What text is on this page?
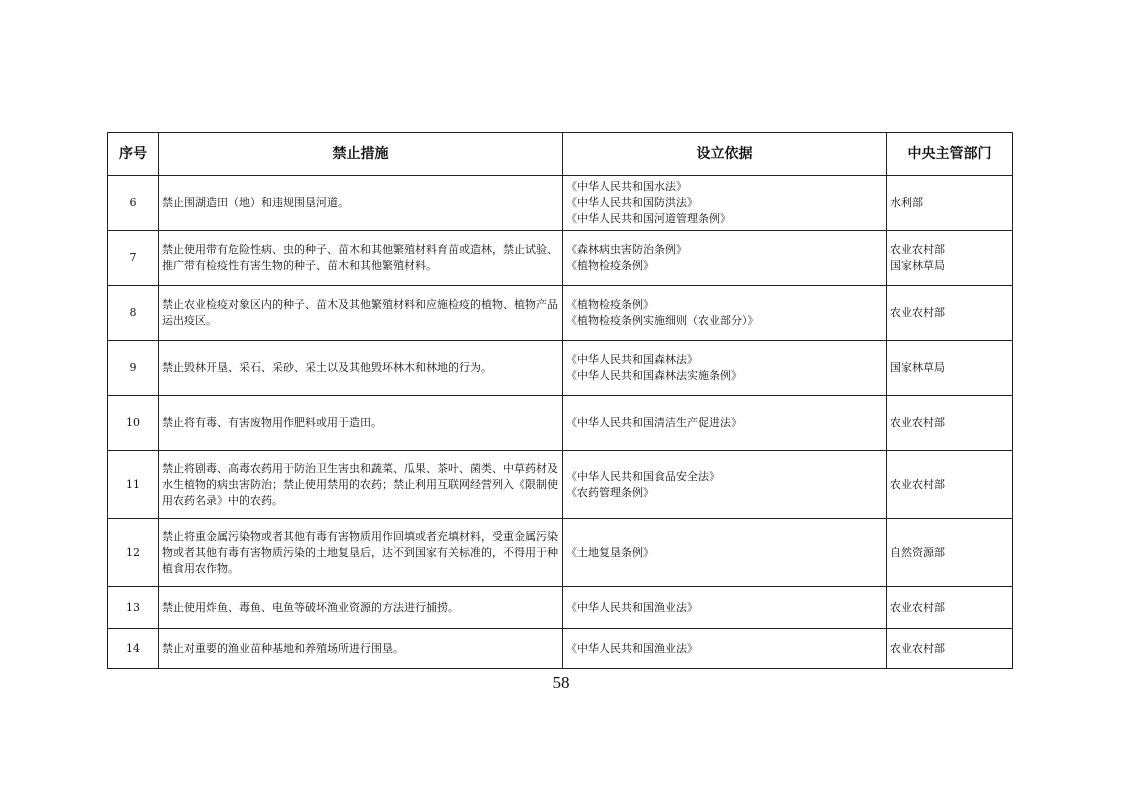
序号	禁止措施	设立依据	中央主管部门
6	禁止围湖造田（地）和违规围垦河道。	《中华人民共和国水法》
《中华人民共和国防洪法》
《中华人民共和国河道管理条例》	水利部

7	禁止使用带有危险性病、虫的种子、苗木和其他繁殖材料育苗或造林，禁止试验、推广带有检疫性有害生物的种子、苗木和其他繁殖材料。	《森林病虫害防治条例》
《植物检疫条例》	农业农村部
国家林草局

8	禁止农业检疫对象区内的种子、苗木及其他繁殖材料和应施检疫的植物、植物产品运出疫区。	《植物检疫条例》
《植物检疫条例实施细则（农业部分）》	农业农村部

9	禁止毁林开垦、采石、采砂、采土以及其他毁坏林木和林地的行为。	《中华人民共和国森林法》
《中华人民共和国森林法实施条例》	国家林草局

10	禁止将有毒、有害废物用作肥料或用于造田。	《中华人民共和国清洁生产促进法》	农业农村部

11	禁止将剧毒、高毒农药用于防治卫生害虫和蔬菜、瓜果、茶叶、菌类、中草药材及水生植物的病虫害防治；禁止使用禁用的农药；禁止利用互联网经营列入《限制使用农药名录》中的农药。	《中华人民共和国食品安全法》
《农药管理条例》	农业农村部

12	禁止将重金属污染物或者其他有毒有害物质用作回填或者充填材料，受重金属污染物或者其他有毒有害物质污染的土地复垦后，达不到国家有关标准的，不得用于种植食用农作物。	《土地复垦条例》	自然资源部

13	禁止使用炸鱼、毒鱼、电鱼等破坏渔业资源的方法进行捕捞。	《中华人民共和国渔业法》	农业农村部

14	禁止对重要的渔业苗种基地和养殖场所进行围垦。	《中华人民共和国渔业法》	农业农村部
58
